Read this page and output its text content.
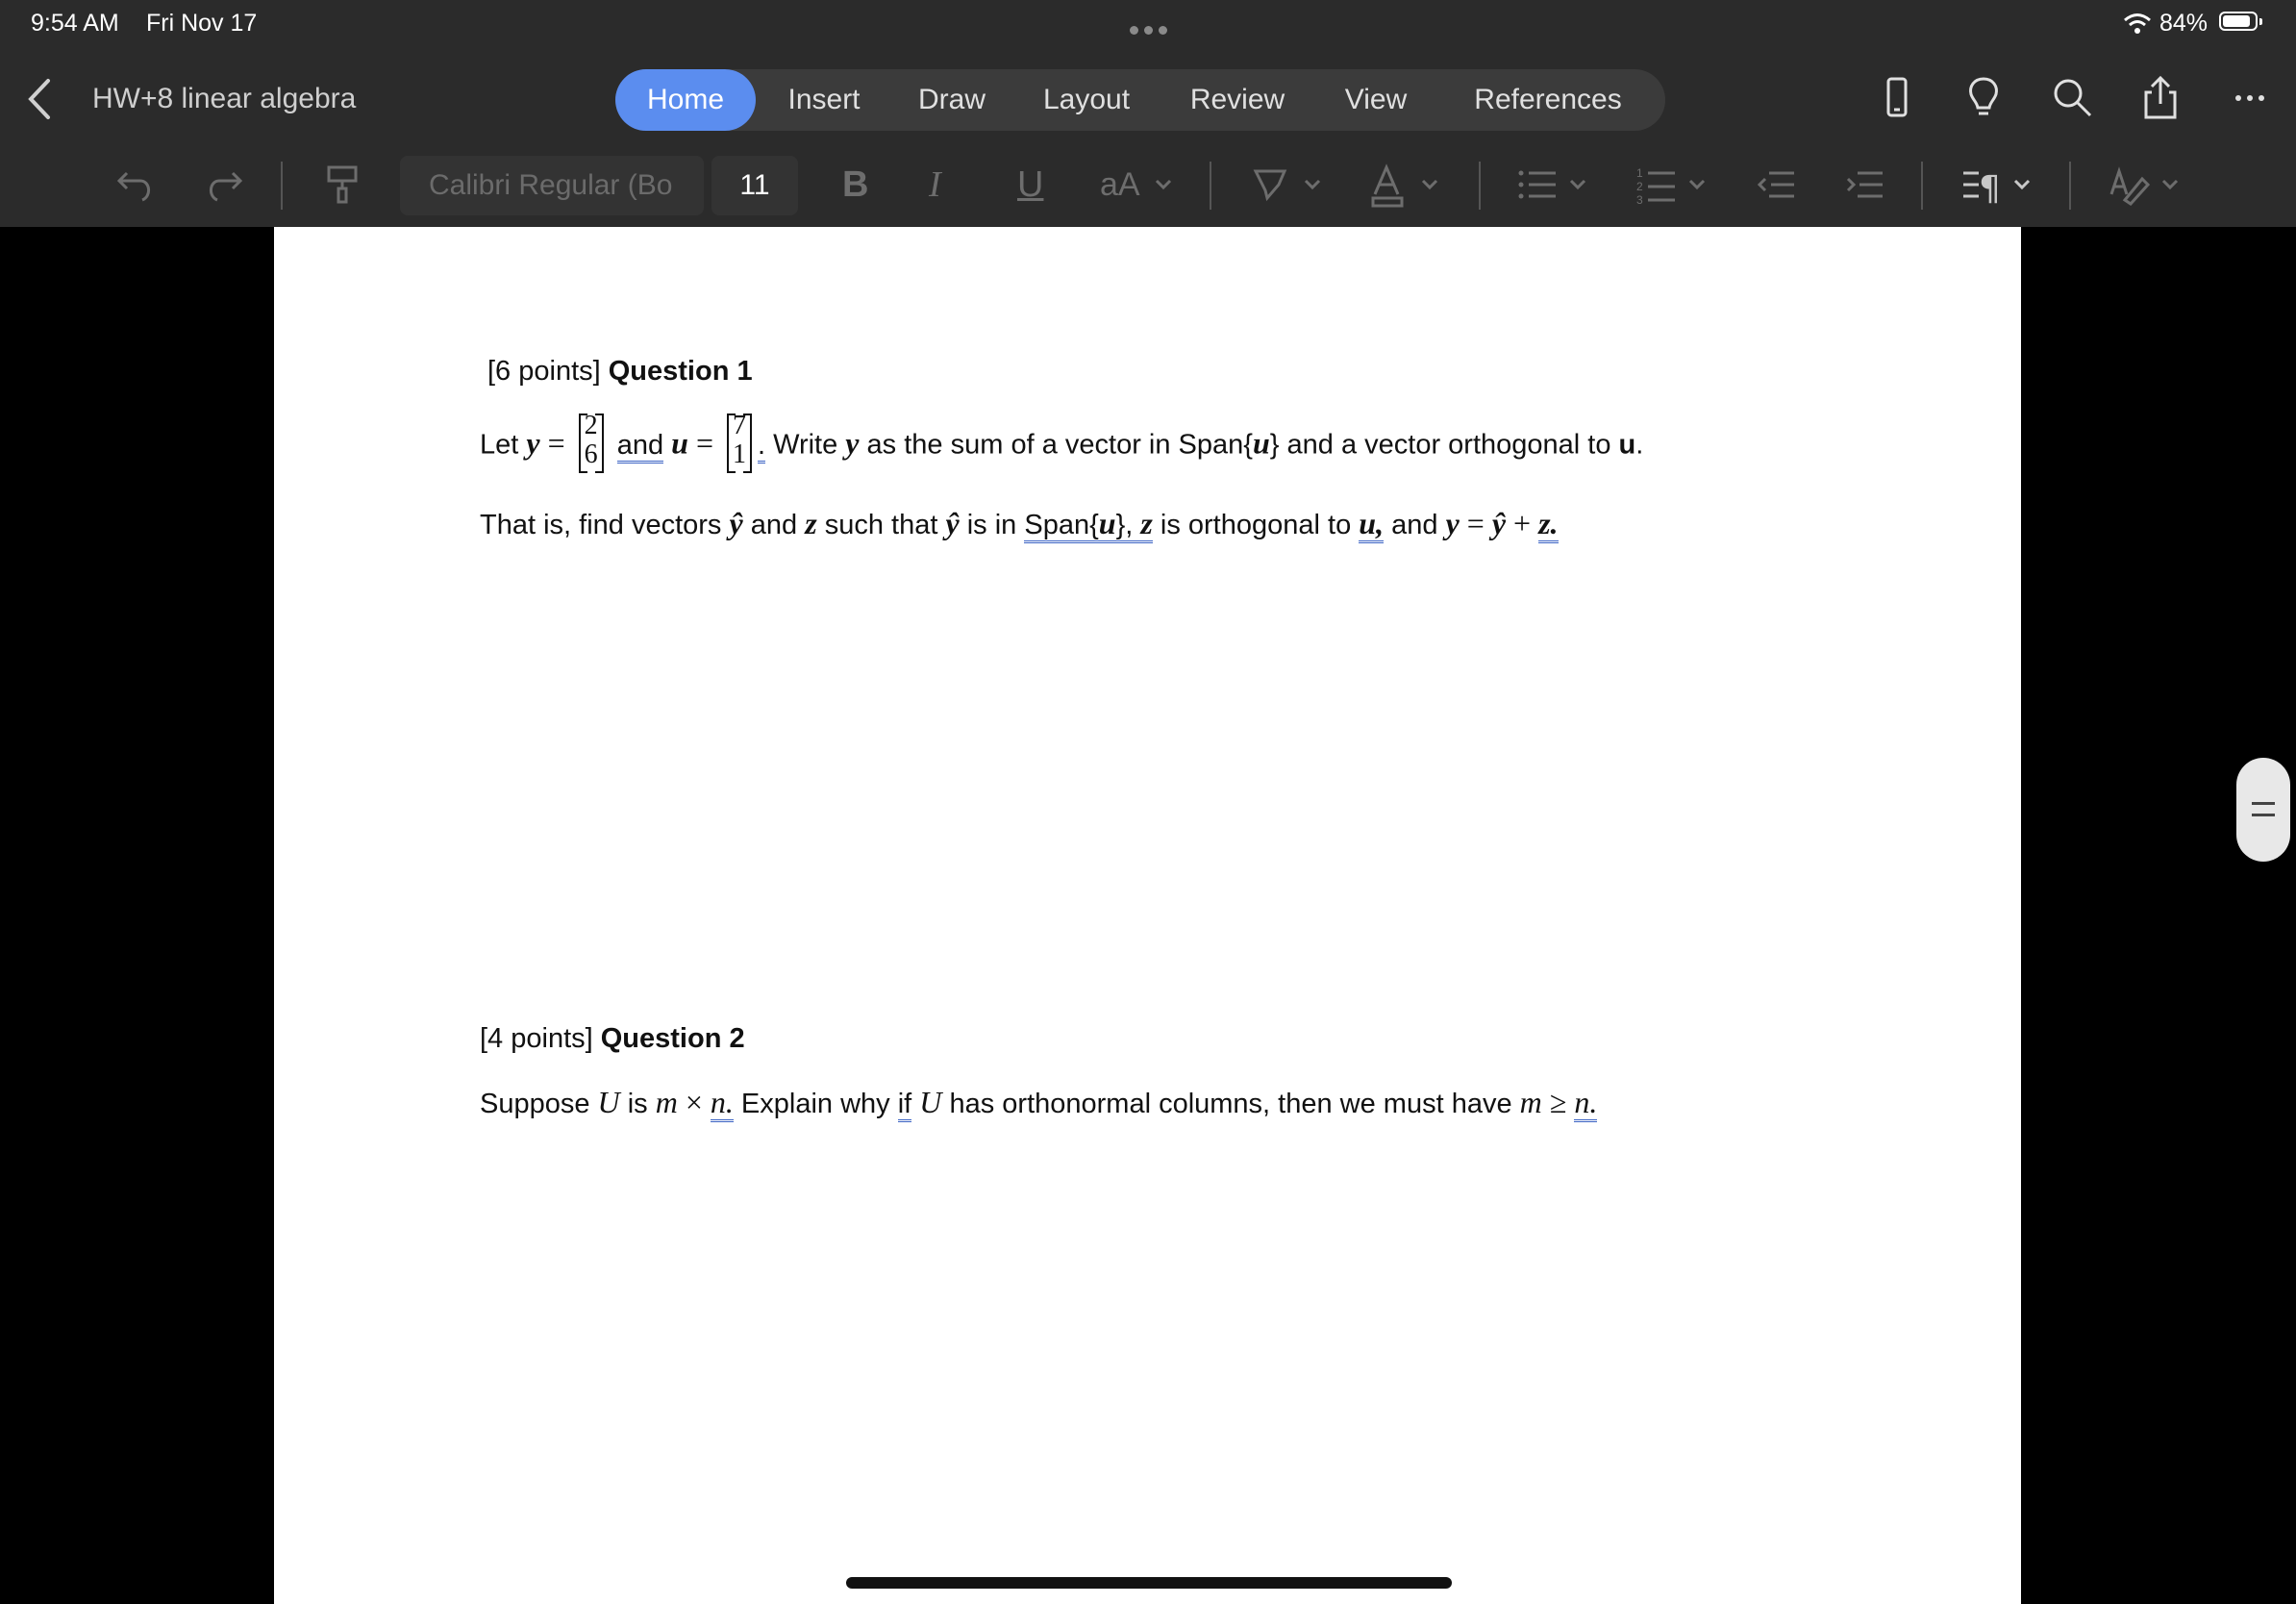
9:54 AM Fri Nov 17	84%
HW+8 linear algebra	Home	Insert	Draw	Layout	Review	View	References
Calibri Regular (Bo	11	B I U aA	1
2
3	¶
[6 points] Question 1
Let y =
2
6 and u =
7
1 . Write y as the sum of a vector in Span{u} and a vector orthogonal to u.
That is, find vectors ŷ and z such that ŷ is in Span{u}, z is orthogonal to u, and y = ŷ + z.
[4 points] Question 2
Suppose U is m × n. Explain why if U has orthonormal columns, then we must have m ≥ n.
